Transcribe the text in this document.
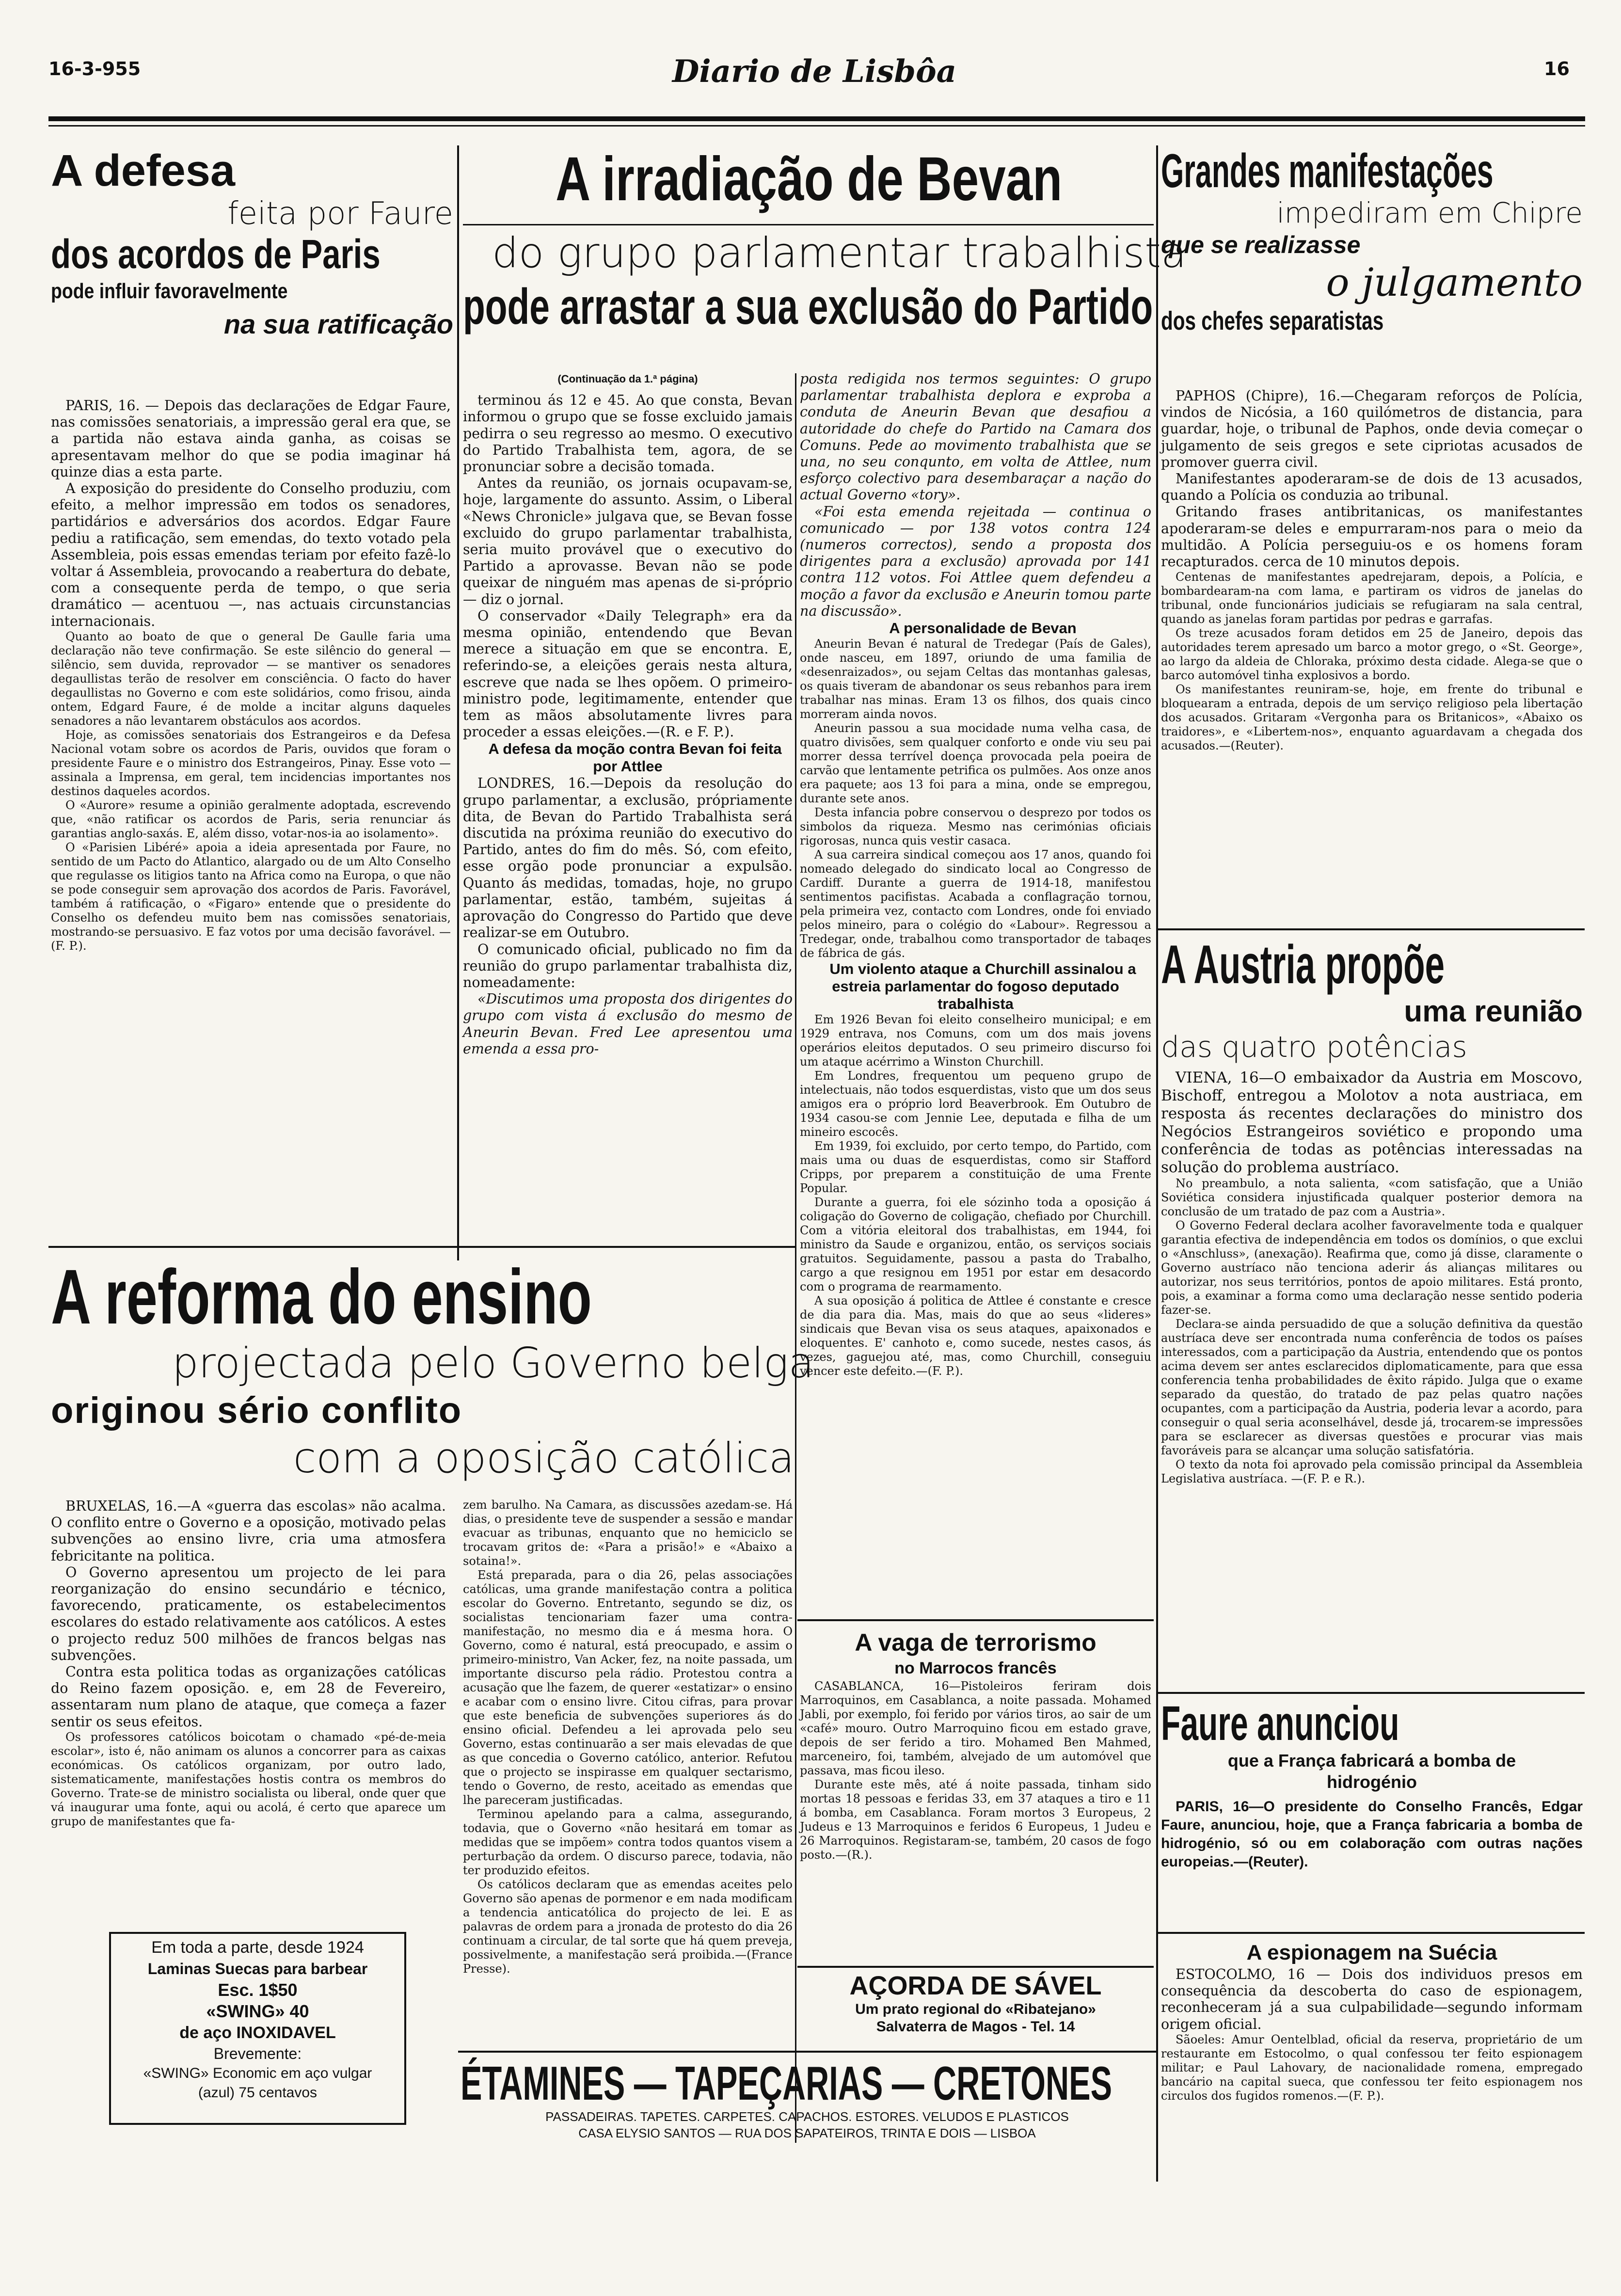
16-3-955	Diario de Lisbôa	16
A defesa
feita por Faure
dos acordos de Paris
pode influir favoravelmente
na sua ratificação

PARIS, 16. — Depois das declarações de Edgar Faure, nas comissões senatoriais, a impressão geral era que, se a partida não estava ainda ganha, as coisas se apresentavam melhor do que se podia imaginar há quinze dias a esta parte.

A exposição do presidente do Conselho produziu, com efeito, a melhor impressão em todos os senadores, partidários e adversários dos acordos. Edgar Faure pediu a ratificação, sem emendas, do texto votado pela Assembleia, pois essas emendas teriam por efeito fazê-lo voltar á Assembleia, provocando a reabertura do debate, com a consequente perda de tempo, o que seria dramático — acentuou —, nas actuais circunstancias internacionais.

Quanto ao boato de que o general De Gaulle faria uma declaração não teve confirmação. Se este silêncio do general — silêncio, sem duvida, reprovador — se mantiver os senadores degaullistas terão de resolver em consciência. O facto do haver degaullistas no Governo e com este solidários, como frisou, ainda ontem, Edgard Faure, é de molde a incitar alguns daqueles senadores a não levantarem obstáculos aos acordos.

Hoje, as comissões senatoriais dos Estrangeiros e da Defesa Nacional votam sobre os acordos de Paris, ouvidos que foram o presidente Faure e o ministro dos Estrangeiros, Pinay. Esse voto — assinala a Imprensa, em geral, tem incidencias importantes nos destinos daqueles acordos.

O «Aurore» resume a opinião geralmente adoptada, escrevendo que, «não ratificar os acordos de Paris, seria renunciar ás garantias anglo-saxás. E, além disso, votar-nos-ia ao isolamento».

O «Parisien Libéré» apoia a ideia apresentada por Faure, no sentido de um Pacto do Atlantico, alargado ou de um Alto Conselho que regulasse os litigios tanto na Africa como na Europa, o que não se pode conseguir sem aprovação dos acordos de Paris. Favorável, também á ratificação, o «Figaro» entende que o presidente do Conselho os defendeu muito bem nas comissões senatoriais, mostrando-se persuasivo. E faz votos por uma decisão favorável. — (F. P.).

A irradiação de Bevan
do grupo parlamentar trabalhista
pode arrastar a sua exclusão do Partido

(Continuação da 1.ª página)

terminou ás 12 e 45. Ao que consta, Bevan informou o grupo que se fosse excluido jamais pedirra o seu regresso ao mesmo. O executivo do Partido Trabalhista tem, agora, de se pronunciar sobre a decisão tomada.

Antes da reunião, os jornais ocupavam-se, hoje, largamente do assunto. Assim, o Liberal «News Chronicle» julgava que, se Bevan fosse excluido do grupo parlamentar trabalhista, seria muito provável que o executivo do Partido a aprovasse. Bevan não se pode queixar de ninguém mas apenas de si-próprio — diz o jornal.

O conservador «Daily Telegraph» era da mesma opinião, entendendo que Bevan merece a situação em que se encontra. E, referindo-se, a eleições gerais nesta altura, escreve que nada se lhes opõem. O primeiro-ministro pode, legitimamente, entender que tem as mãos absolutamente livres para proceder a essas eleições.—(R. e F. P.).

A defesa da moção contra Bevan foi feita por Attlee

LONDRES, 16.—Depois da resolução do grupo parlamentar, a exclusão, própriamente dita, de Bevan do Partido Trabalhista será discutida na próxima reunião do executivo do Partido, antes do fim do mês. Só, com efeito, esse orgão pode pronunciar a expulsão. Quanto ás medidas, tomadas, hoje, no grupo parlamentar, estão, também, sujeitas á aprovação do Congresso do Partido que deve realizar-se em Outubro.

O comunicado oficial, publicado no fim da reunião do grupo parlamentar trabalhista diz, nomeadamente:

«Discutimos uma proposta dos dirigentes do grupo com vista á exclusão do mesmo de Aneurin Bevan. Fred Lee apresentou uma emenda a essa pro-

posta redigida nos termos seguintes: O grupo parlamentar trabalhista deplora e exproba a conduta de Aneurin Bevan que desafiou a autoridade do chefe do Partido na Camara dos Comuns. Pede ao movimento trabalhista que se una, no seu conqunto, em volta de Attlee, num esforço colectivo para desembaraçar a nação do actual Governo «tory».

«Foi esta emenda rejeitada — continua o comunicado — por 138 votos contra 124 (numeros correctos), sendo a proposta dos dirigentes para a exclusão) aprovada por 141 contra 112 votos. Foi Attlee quem defendeu a moção a favor da exclusão e Aneurin tomou parte na discussão».

A personalidade de Bevan

Aneurin Bevan é natural de Tredegar (País de Gales), onde nasceu, em 1897, oriundo de uma familia de «desenraizados», ou sejam Celtas das montanhas galesas, os quais tiveram de abandonar os seus rebanhos para irem trabalhar nas minas. Eram 13 os filhos, dos quais cinco morreram ainda novos.

Aneurin passou a sua mocidade numa velha casa, de quatro divisões, sem qualquer conforto e onde viu seu pai morrer dessa terrível doença provocada pela poeira de carvão que lentamente petrifica os pulmões. Aos onze anos era paquete; aos 13 foi para a mina, onde se empregou, durante sete anos.

Desta infancia pobre conservou o desprezo por todos os simbolos da riqueza. Mesmo nas cerimónias oficiais rigorosas, nunca quis vestir casaca.

A sua carreira sindical começou aos 17 anos, quando foi nomeado delegado do sindicato local ao Congresso de Cardiff. Durante a guerra de 1914-18, manifestou sentimentos pacifistas. Acabada a conflagração tornou, pela primeira vez, contacto com Londres, onde foi enviado pelos mineiro, para o colégio do «Labour». Regressou a Tredegar, onde, trabalhou como transportador de tabaqes de fábrica de gás.

Um violento ataque a Churchill assinalou a estreia parlamentar do fogoso deputado trabalhista

Em 1926 Bevan foi eleito conselheiro municipal; e em 1929 entrava, nos Comuns, com um dos mais jovens operários eleitos deputados. O seu primeiro discurso foi um ataque acérrimo a Winston Churchill.

Em Londres, frequentou um pequeno grupo de intelectuais, não todos esquerdistas, visto que um dos seus amigos era o próprio lord Beaverbrook. Em Outubro de 1934 casou-se com Jennie Lee, deputada e filha de um mineiro escocês.

Em 1939, foi excluido, por certo tempo, do Partido, com mais uma ou duas de esquerdistas, como sir Stafford Cripps, por preparem a constituição de uma Frente Popular.

Durante a guerra, foi ele sózinho toda a oposição á coligação do Governo de coligação, chefiado por Churchill. Com a vitória eleitoral dos trabalhistas, em 1944, foi ministro da Saude e organizou, então, os serviços sociais gratuitos. Seguidamente, passou a pasta do Trabalho, cargo a que resignou em 1951 por estar em desacordo com o programa de rearmamento.

A sua oposição á politica de Attlee é constante e cresce de dia para dia. Mas, mais do que ao seus «lideres» sindicais que Bevan visa os seus ataques, apaixonados e eloquentes. E' canhoto e, como sucede, nestes casos, ás vezes, gaguejou até, mas, como Churchill, conseguiu vencer este defeito.—(F. P.).

A vaga de terrorismo

no Marrocos francês

CASABLANCA, 16—Pistoleiros feriram dois Marroquinos, em Casablanca, a noite passada. Mohamed Jabli, por exemplo, foi ferido por vários tiros, ao sair de um «café» mouro. Outro Marroquino ficou em estado grave, depois de ser ferido a tiro. Mohamed Ben Mahmed, marceneiro, foi, também, alvejado de um automóvel que passava, mas ficou ileso.

Durante este mês, até á noite passada, tinham sido mortas 18 pessoas e feridas 33, em 37 ataques a tiro e 11 á bomba, em Casablanca. Foram mortos 3 Europeus, 2 Judeus e 13 Marroquinos e feridos 6 Europeus, 1 Judeu e 26 Marroquinos. Registaram-se, também, 20 casos de fogo posto.—(R.).

AÇORDA DE SÁVEL
Um prato regional do «Ribatejano»
Salvaterra de Magos - Tel. 14
ÉTAMINES — TAPEÇARIAS — CRETONES
PASSADEIRAS. TAPETES. CARPETES. CAPACHOS. ESTORES. VELUDOS E PLASTICOS
CASA ELYSIO SANTOS — RUA DOS SAPATEIROS, TRINTA E DOIS — LISBOA
A reforma do ensino
projectada pelo Governo belga
originou sério conflito
com a oposição católica

BRUXELAS, 16.—A «guerra das escolas» não acalma. O conflito entre o Governo e a oposição, motivado pelas subvenções ao ensino livre, cria uma atmosfera febricitante na politica.

O Governo apresentou um projecto de lei para reorganização do ensino secundário e técnico, favorecendo, praticamente, os estabelecimentos escolares do estado relativamente aos católicos. A estes o projecto reduz 500 milhões de francos belgas nas subvenções.

Contra esta politica todas as organizações católicas do Reino fazem oposição. e, em 28 de Fevereiro, assentaram num plano de ataque, que começa a fazer sentir os seus efeitos.

Os professores católicos boicotam o chamado «pé-de-meia escolar», isto é, não animam os alunos a concorrer para as caixas económicas. Os católicos organizam, por outro lado, sistematicamente, manifestações hostis contra os membros do Governo. Trate-se de ministro socialista ou liberal, onde quer que vá inaugurar uma fonte, aqui ou acolá, é certo que aparece um grupo de manifestantes que fa-

Em toda a parte, desde 1924
Laminas Suecas para barbear
Esc. 1$50
«SWING» 40
de aço INOXIDAVEL
Brevemente:
«SWING» Economic em aço vulgar
(azul) 75 centavos

zem barulho. Na Camara, as discussões azedam-se. Há dias, o presidente teve de suspender a sessão e mandar evacuar as tribunas, enquanto que no hemiciclo se trocavam gritos de: «Para a prisão!» e «Abaixo a sotaina!».

Está preparada, para o dia 26, pelas associações católicas, uma grande manifestação contra a politica escolar do Governo. Entretanto, segundo se diz, os socialistas tencionariam fazer uma contra-manifestação, no mesmo dia e á mesma hora. O Governo, como é natural, está preocupado, e assim o primeiro-ministro, Van Acker, fez, na noite passada, um importante discurso pela rádio. Protestou contra a acusação que lhe fazem, de querer «estatizar» o ensino e acabar com o ensino livre. Citou cifras, para provar que este beneficia de subvenções superiores ás do ensino oficial. Defendeu a lei aprovada pelo seu Governo, estas continuarão a ser mais elevadas de que as que concedia o Governo católico, anterior. Refutou que o projecto se inspirasse em qualquer sectarismo, tendo o Governo, de resto, aceitado as emendas que lhe pareceram justificadas.

Terminou apelando para a calma, assegurando, todavia, que o Governo «não hesitará em tomar as medidas que se impõem» contra todos quantos visem a perturbação da ordem. O discurso parece, todavia, não ter produzido efeitos.

Os católicos declaram que as emendas aceites pelo Governo são apenas de pormenor e em nada modificam a tendencia anticatólica do projecto de lei. E as palavras de ordem para a jronada de protesto do dia 26 continuam a circular, de tal sorte que há quem preveja, possivelmente, a manifestação será proibida.—(France Presse).

Grandes manifestações
impediram em Chipre
que se realizasse
o julgamento
dos chefes separatistas

PAPHOS (Chipre), 16.—Chegaram reforços de Polícia, vindos de Nicósia, a 160 quilómetros de distancia, para guardar, hoje, o tribunal de Paphos, onde devia começar o julgamento de seis gregos e sete cipriotas acusados de promover guerra civil.

Manifestantes apoderaram-se de dois de 13 acusados, quando a Polícia os conduzia ao tribunal.

Gritando frases antibritanicas, os manifestantes apoderaram-se deles e empurraram-nos para o meio da multidão. A Polícia perseguiu-os e os homens foram recapturados. cerca de 10 minutos depois.

Centenas de manifestantes apedrejaram, depois, a Polícia, e bombardearam-na com lama, e partiram os vidros de janelas do tribunal, onde funcionários judiciais se refugiaram na sala central, quando as janelas foram partidas por pedras e garrafas.

Os treze acusados foram detidos em 25 de Janeiro, depois das autoridades terem apresado um barco a motor grego, o «St. George», ao largo da aldeia de Chloraka, próximo desta cidade. Alega-se que o barco automóvel tinha explosivos a bordo.

Os manifestantes reuniram-se, hoje, em frente do tribunal e bloquearam a entrada, depois de um serviço religioso pela libertação dos acusados. Gritaram «Vergonha para os Britanicos», «Abaixo os traidores», e «Libertem-nos», enquanto aguardavam a chegada dos acusados.—(Reuter).

A Austria propõe
uma reunião
das quatro potências

VIENA, 16—O embaixador da Austria em Moscovo, Bischoff, entregou a Molotov a nota austriaca, em resposta ás recentes declarações do ministro dos Negócios Estrangeiros soviético e propondo uma conferência de todas as potências interessadas na solução do problema austríaco.

No preambulo, a nota salienta, «com satisfação, que a União Soviética considera injustificada qualquer posterior demora na conclusão de um tratado de paz com a Austria».

O Governo Federal declara acolher favoravelmente toda e qualquer garantia efectiva de independência em todos os domínios, o que exclui o «Anschluss», (anexação). Reafirma que, como já disse, claramente o Governo austríaco não tenciona aderir ás alianças militares ou autorizar, nos seus territórios, pontos de apoio militares. Está pronto, pois, a examinar a forma como uma declaração nesse sentido poderia fazer-se.

Declara-se ainda persuadido de que a solução definitiva da questão austríaca deve ser encontrada numa conferência de todos os países interessados, com a participação da Austria, entendendo que os pontos acima devem ser antes esclarecidos diplomaticamente, para que essa conferencia tenha probabilidades de êxito rápido. Julga que o exame separado da questão, do tratado de paz pelas quatro nações ocupantes, com a participação da Austria, poderia levar a acordo, para conseguir o qual seria aconselhável, desde já, trocarem-se impressões para se esclarecer as diversas questões e procurar vias mais favoráveis para se alcançar uma solução satisfatória.

O texto da nota foi aprovado pela comissão principal da Assembleia Legislativa austríaca. —(F. P. e R.).

Faure anunciou
que a França fabricará a bomba de hidrogénio
PARIS, 16—O presidente do Conselho Francês, Edgar Faure, anunciou, hoje, que a França fabricaria a bomba de hidrogénio, só ou em colaboração com outras nações europeias.—(Reuter).

A espionagem na Suécia

ESTOCOLMO, 16 — Dois dos individuos presos em consequência da descoberta do caso de espionagem, reconheceram já a sua culpabilidade—segundo informam origem oficial.

Sãoeles: Amur Oentelblad, oficial da reserva, proprietário de um restaurante em Estocolmo, o qual confessou ter feito espionagem militar; e Paul Lahovary, de nacionalidade romena, empregado bancário na capital sueca, que confessou ter feito espionagem nos circulos dos fugidos romenos.—(F. P.).
